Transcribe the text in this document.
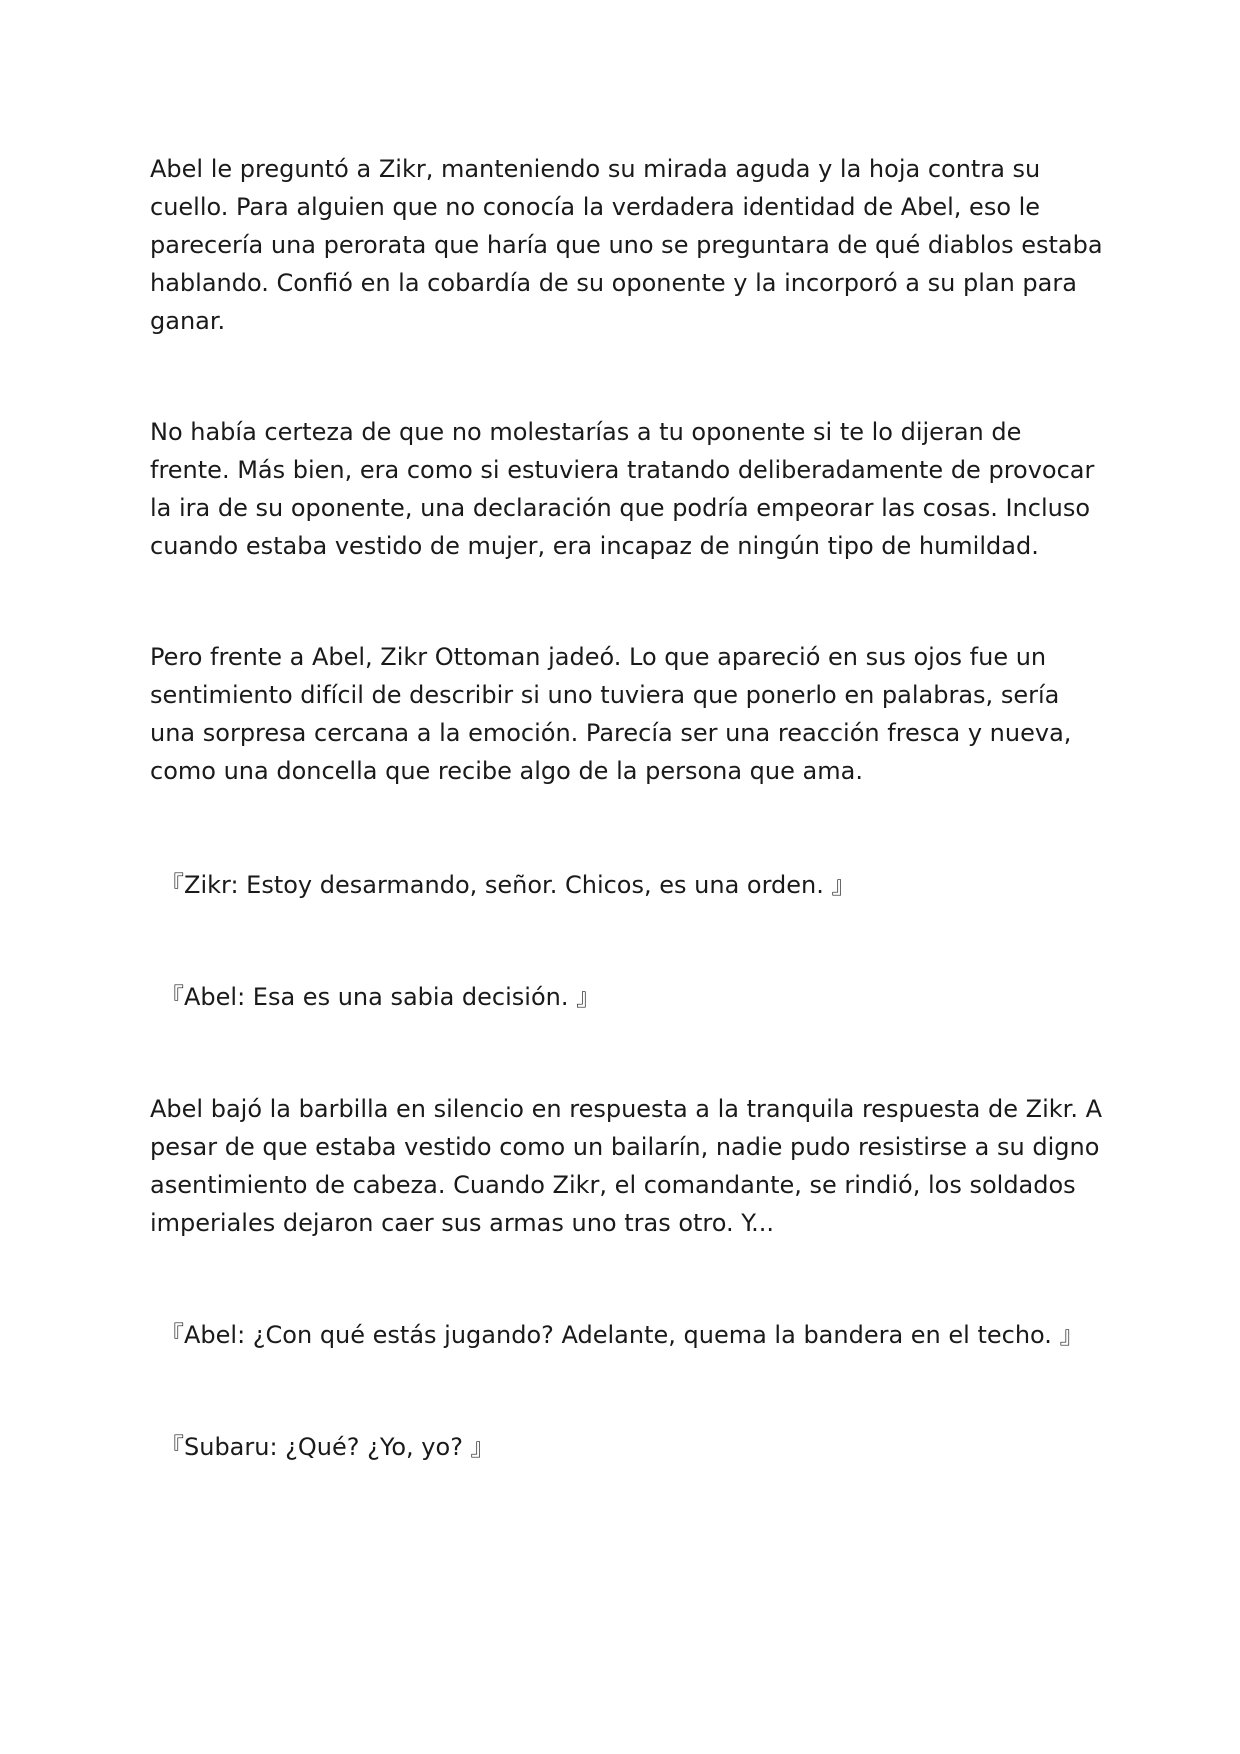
Abel le preguntó a Zikr, manteniendo su mirada aguda y la hoja contra su
cuello. Para alguien que no conocía la verdadera identidad de Abel, eso le
parecería una perorata que haría que uno se preguntara de qué diablos estaba
hablando. Confió en la cobardía de su oponente y la incorporó a su plan para
ganar.

No había certeza de que no molestarías a tu oponente si te lo dijeran de
frente. Más bien, era como si estuviera tratando deliberadamente de provocar
la ira de su oponente, una declaración que podría empeorar las cosas. Incluso
cuando estaba vestido de mujer, era incapaz de ningún tipo de humildad.

Pero frente a Abel, Zikr Ottoman jadeó. Lo que apareció en sus ojos fue un
sentimiento difícil de describir si uno tuviera que ponerlo en palabras, sería
una sorpresa cercana a la emoción. Parecía ser una reacción fresca y nueva,
como una doncella que recibe algo de la persona que ama.

『Zikr: Estoy desarmando, señor. Chicos, es una orden. 』

『Abel: Esa es una sabia decisión. 』

Abel bajó la barbilla en silencio en respuesta a la tranquila respuesta de Zikr. A
pesar de que estaba vestido como un bailarín, nadie pudo resistirse a su digno
asentimiento de cabeza. Cuando Zikr, el comandante, se rindió, los soldados
imperiales dejaron caer sus armas uno tras otro. Y...

『Abel: ¿Con qué estás jugando? Adelante, quema la bandera en el techo. 』

『Subaru: ¿Qué? ¿Yo, yo? 』
